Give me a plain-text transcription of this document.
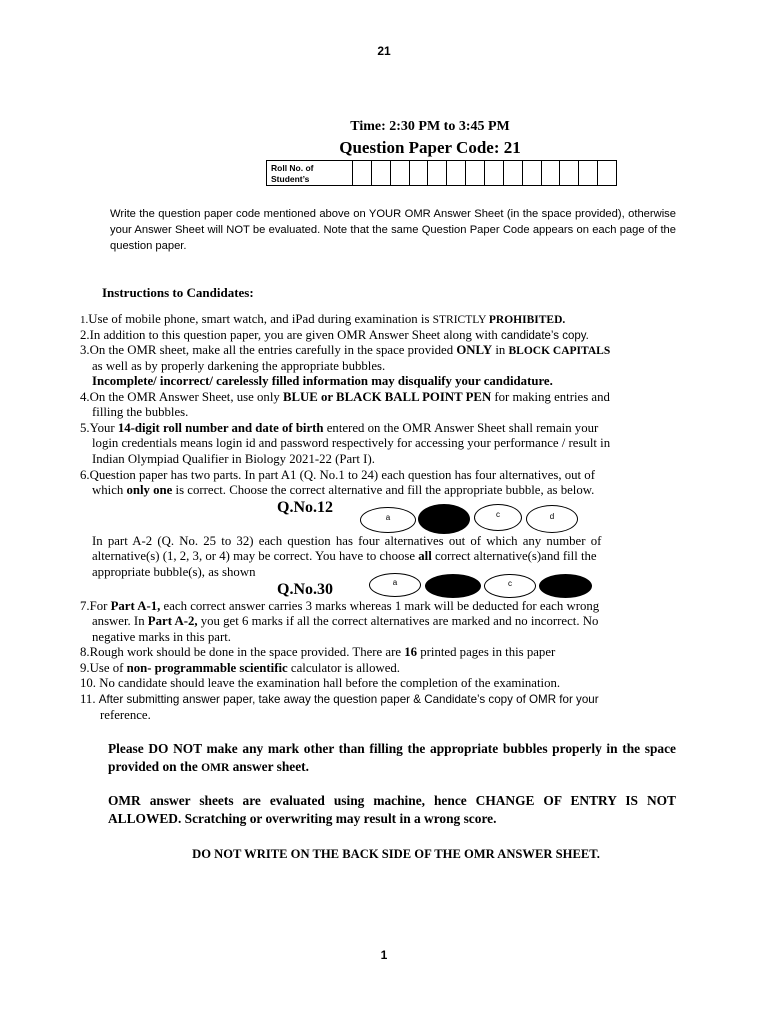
21
Time: 2:30 PM to 3:45 PM
Question Paper Code: 21
Roll No. of
Student’s
Write the question paper code mentioned above on YOUR OMR Answer Sheet (in the space provided), otherwise your Answer Sheet will NOT be evaluated. Note that the same Question Paper Code appears on each page of the question paper.
Instructions to Candidates:
1.Use of mobile phone, smart watch, and iPad during examination is STRICTLY PROHIBITED.
2.In addition to this question paper, you are given OMR Answer Sheet along with candidate’s copy.
3.On the OMR sheet, make all the entries carefully in the space provided ONLY in BLOCK CAPITALS
as well as by properly darkening the appropriate bubbles.
Incomplete/ incorrect/ carelessly filled information may disqualify your candidature.
4.On the OMR Answer Sheet, use only BLUE or BLACK BALL POINT PEN for making entries and
filling the bubbles.
5.Your 14-digit roll number and date of birth entered on the OMR Answer Sheet shall remain your
login credentials means login id and password respectively for accessing your performance / result in
Indian Olympiad Qualifier in Biology 2021-22 (Part I).
6.Question paper has two parts. In part A1 (Q. No.1 to 24) each question has four alternatives, out of
which only one is correct. Choose the correct alternative and fill the appropriate bubble, as below.
Q.No.12
a	c	d
In part A-2 (Q. No. 25 to 32) each question has four alternatives out of which any number of
alternative(s) (1, 2, 3, or 4) may be correct. You have to choose all correct alternative(s)and fill the
appropriate bubble(s), as shown
Q.No.30	a	c
7.For Part A-1, each correct answer carries 3 marks whereas 1 mark will be deducted for each wrong
answer. In Part A-2, you get 6 marks if all the correct alternatives are marked and no incorrect. No
negative marks in this part.
8.Rough work should be done in the space provided. There are 16 printed pages in this paper
9.Use of non- programmable scientific calculator is allowed.
10. No candidate should leave the examination hall before the completion of the examination.
11. After submitting answer paper, take away the question paper & Candidate’s copy of OMR for your
reference.
Please DO NOT make any mark other than filling the appropriate bubbles properly in the space provided on the OMR answer sheet.
OMR answer sheets are evaluated using machine, hence CHANGE OF ENTRY IS NOT ALLOWED. Scratching or overwriting may result in a wrong score.
DO NOT WRITE ON THE BACK SIDE OF THE OMR ANSWER SHEET.
1
